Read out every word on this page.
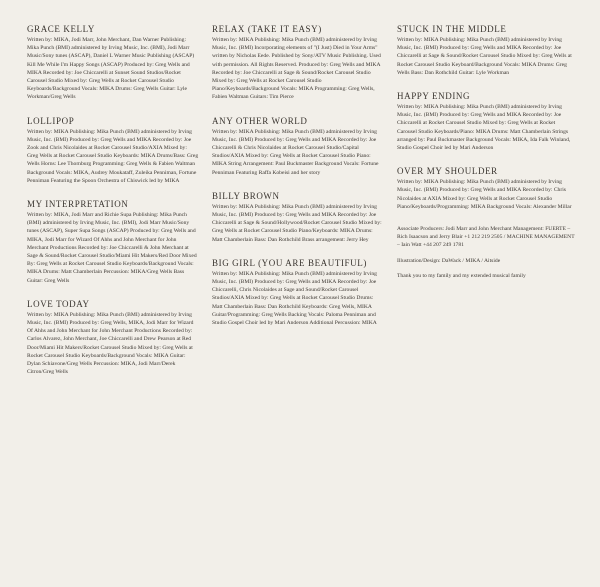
GRACE KELLY

Written by: MIKA, Jodi Marr, John Merchant, Dan Warner Publishing: Mika Punch (BMI) administered by Irving Music, Inc. (BMI), Jodi Marr Music/Sony tunes (ASCAP), Daniel L Warner Music Publishing (ASCAP) Kill Me While I'm Happy Songs (ASCAP) Produced by: Greg Wells and MIKA Recorded by: Joe Chiccarelli at Sunset Sound Studios/Rocket Carousel Studio Mixed by: Greg Wells at Rocket Carousel Studio Keyboards/Background Vocals: MIKA Drums: Greg Wells Guitar: Lyle Workman/Greg Wells

LOLLIPOP

Written by: MIKA Publishing: Mika Punch (BMI) administered by Irving Music, Inc. (BMI) Produced by: Greg Wells and MIKA Recorded by: Joe Zook and Chris Nicolaides at Rocket Carousel Studio/AXIA Mixed by: Greg Wells at Rocket Carousel Studio Keyboards: MIKA Drums/Bass: Greg Wells Horns: Lee Thornburg Programming: Greg Wells & Fabien Waltman Background Vocals: MIKA, Audrey Moukataff, Zuleika Penniman, Fortune Penniman Featuring the Spoon Orchestra of Chiswick led by MIKA

MY INTERPRETATION

Written by: MIKA, Jodi Marr and Richie Supa Publishing: Mika Punch (BMI) administered by Irving Music, Inc. (BMI), Jodi Marr Music/Sony tunes (ASCAP), Super Supa Songs (ASCAP) Produced by: Greg Wells and MIKA, Jodi Marr for Wizard Of Ahhs and John Merchant for John Merchant Productions Recorded by: Joe Chiccarelli & John Merchant at Sage & Sound/Rocket Carousel Studio/Miami Hit Makers/Red Door Mixed By: Greg Wells at Rocket Carousel Studio Keyboards/Background Vocals: MIKA Drums: Matt Chamberlain Percussion: MIKA/Greg Wells Bass Guitar: Greg Wells

LOVE TODAY

Written by: MIKA Publishing: Mika Punch (BMI) administered by Irving Music, Inc. (BMI) Produced by: Greg Wells, MIKA, Jodi Marr for Wizard Of Ahhs and John Merchant for John Merchant Productions Recorded by: Carlos Alvarez, John Merchant, Joe Chiccarelli and Drew Pearson at Red Door/Miami Hit Makers/Rocket Carousel Studio Mixed by: Greg Wells at Rocket Carousel Studio Keyboards/Background Vocals: MIKA Guitar: Dylan Schiavone/Greg Wells Percussion: MIKA, Jodi Marr/Derek Citron/Greg Wells

RELAX (TAKE IT EASY)

Written by: MIKA Publishing: Mika Punch (BMI) administered by Irving Music, Inc. (BMI) Incorporating elements of "(I Just) Died in Your Arms" written by Nicholas Eede. Published by Sony/ATV Music Publishing. Used with permission. All Rights Reserved. Produced by: Greg Wells and MIKA Recorded by: Joe Chiccarelli at Sage & Sound/Rocket Carousel Studio Mixed by: Greg Wells at Rocket Carousel Studio Piano/Keyboards/Background Vocals: MIKA Programming: Greg Wells, Fabien Waltman Guitars: Tim Pierce

ANY OTHER WORLD

Written by: MIKA Publishing: Mika Punch (BMI) administered by Irving Music, Inc. (BMI) Produced by: Greg Wells and MIKA Recorded by: Joe Chiccarelli & Chris Nicolaides at Rocket Carousel Studio/Capital Studios/AXIA Mixed by: Greg Wells at Rocket Carousel Studio Piano: MIKA String Arrangement: Paul Buckmaster Background Vocals: Fortune Penniman Featuring Raffa Kobeisi and her story

BILLY BROWN

Written by: MIKA Publishing: Mika Punch (BMI) administered by Irving Music, Inc. (BMI) Produced by: Greg Wells and MIKA Recorded by: Joe Chiccarelli at Sage & Sound/Hollywood/Rocket Carousel Studio Mixed by: Greg Wells at Rocket Carousel Studio Piano/Keyboards: MIKA Drums: Matt Chamberlain Bass: Dan Rothchild Brass arrangement: Jerry Hey

BIG GIRL (YOU ARE BEAUTIFUL)

Written by: MIKA Publishing: Mika Punch (BMI) administered by Irving Music, Inc. (BMI) Produced by: Greg Wells and MIKA Recorded by: Joe Chiccarelli, Chris Nicolaides at Sage and Sound/Rocket Carousel Studios/AXIA Mixed by: Greg Wells at Rocket Carousel Studio Drums: Matt Chamberlain Bass: Dan Rothchild Keyboards: Greg Wells, MIKA Guitar/Programming: Greg Wells Backing Vocals: Paloma Penniman and Studio Gospel Choir led by Mari Anderson Additional Percussion: MIKA

STUCK IN THE MIDDLE

Written by: MIKA Publishing: Mika Punch (BMI) administered by Irving Music, Inc. (BMI) Produced by: Greg Wells and MIKA Recorded by: Joe Chiccarelli at Sage & Sound/Rocket Carousel Studio Mixed by: Greg Wells at Rocket Carousel Studio Keyboard/Background Vocals: MIKA Drums: Greg Wells Bass: Dan Rothchild Guitar: Lyle Workman

HAPPY ENDING

Written by: MIKA Publishing: Mika Punch (BMI) administered by Irving Music, Inc. (BMI) Produced by: Greg Wells and MIKA Recorded by: Joe Chiccarelli at Rocket Carousel Studio Mixed by: Greg Wells at Rocket Carousel Studio Keyboards/Piano: MIKA Drums: Matt Chamberlain Strings arranged by: Paul Buckmaster Background Vocals: MIKA, Ida Falk Winland, Studio Gospel Choir led by Mari Anderson

OVER MY SHOULDER

Written by: MIKA Publishing: Mika Punch (BMI) administered by Irving Music, Inc. (BMI) Produced by: Greg Wells and MIKA Recorded by: Chris Nicolaides at AXIA Mixed by: Greg Wells at Rocket Carousel Studio Piano/Keyboards/Programming: MIKA Background Vocals: Alexander Millar

Associate Producers: Jodi Marr and John Merchant Management: FUERTE – Rich Isaacson and Jerry Blair +1 212 219 2505 / MACHINE MANAGEMENT – Iain Watt +44 207 249 1781

Illustration/Design: DaWack / MIKA / Aitside

Thank you to my family and my extended musical family
